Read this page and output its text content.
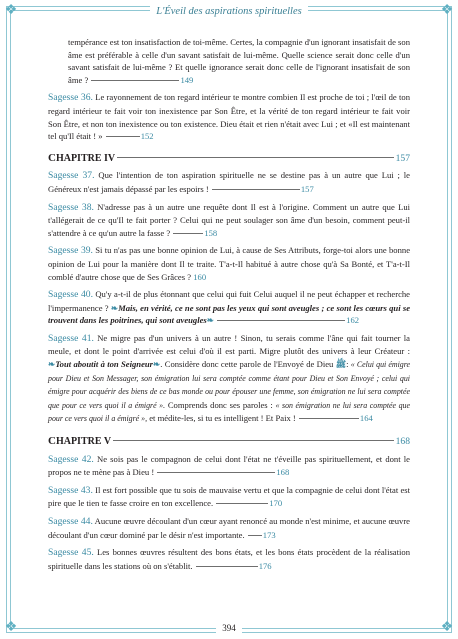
❖	❖
❖	❖
L'Éveil des aspirations spirituelles
tempérance est ton insatisfaction de toi-même. Certes, la compagnie d'un ignorant insatisfait de son âme est préférable à celle d'un savant satisfait de lui-même. Quelle science serait donc celle d'un savant satisfait de lui-même ? Et quelle ignorance serait donc celle de l'ignorant insatisfait de son âme ?	149
Sagesse 36. Le rayonnement de ton regard intérieur te montre combien Il est proche de toi ; l'œil de ton regard intérieur te fait voir ton inexistence par Son Être, et la vérité de ton regard intérieur te fait voir Son Être, et non ton inexistence ou ton existence. Dieu était et rien n'était avec Lui ; et «Il est maintenant tel qu'Il était ! »	152
C HAPITRE IV	157
Sagesse 37. Que l'intention de ton aspiration spirituelle ne se destine pas à un autre que Lui ; le Généreux n'est jamais dépassé par les espoirs !	157
Sagesse 38. N'adresse pas à un autre une requête dont Il est à l'origine. Comment un autre que Lui t'allégerait de ce qu'Il te fait porter ? Celui qui ne peut soulager son âme d'un besoin, comment peut-il s'attendre à ce qu'un autre la fasse ?	158
Sagesse 39. Si tu n'as pas une bonne opinion de Lui, à cause de Ses Attributs, forge-toi alors une bonne opinion de Lui pour la manière dont Il te traite. T'a-t-Il habitué à autre chose qu'à Sa Bonté, et T'a-t-Il comblé d'autre chose que de Ses Grâces ? 160
Sagesse 40. Qu'y a-t-il de plus étonnant que celui qui fuit Celui auquel il ne peut échapper et recherche l'impermanence ? ❧Mais, en vérité, ce ne sont pas les yeux qui sont aveugles ; ce sont les cœurs qui se trouvent dans les poitrines, qui sont aveugles❧	162
Sagesse 41. Ne migre pas d'un univers à un autre ! Sinon, tu serais comme l'âne qui fait tourner la meule, et dont le point d'arrivée est celui d'où il est parti. Migre plutôt des univers à leur Créateur : ❧Tout aboutit à ton Seigneur❧. Considère donc cette parole de l'Envoyé de Dieu ﷺ: « Celui qui émigre pour Dieu et Son Messager, son émigration lui sera comptée comme étant pour Dieu et Son Envoyé ; celui qui émigre pour acquérir des biens de ce bas monde ou pour épouser une femme, son émigration ne lui sera comptée que pour ce vers quoi il a émigré ». Comprends donc ses paroles : « son émigration ne lui sera comptée que pour ce vers quoi il a émigré », et médite-les, si tu es intelligent ! Et Paix !	164
C HAPITRE V	168
Sagesse 42. Ne sois pas le compagnon de celui dont l'état ne t'éveille pas spirituellement, et dont le propos ne te mène pas à Dieu !	168
Sagesse 43. Il est fort possible que tu sois de mauvaise vertu et que la compagnie de celui dont l'état est pire que le tien te fasse croire en ton excellence.	170
Sagesse 44. Aucune œuvre découlant d'un cœur ayant renoncé au monde n'est minime, et aucune œuvre découlant d'un cœur dominé par le désir n'est importante. 173
Sagesse 45. Les bonnes œuvres résultent des bons états, et les bons états procèdent de la réalisation spirituelle dans les stations où on s'établit.	176
394
